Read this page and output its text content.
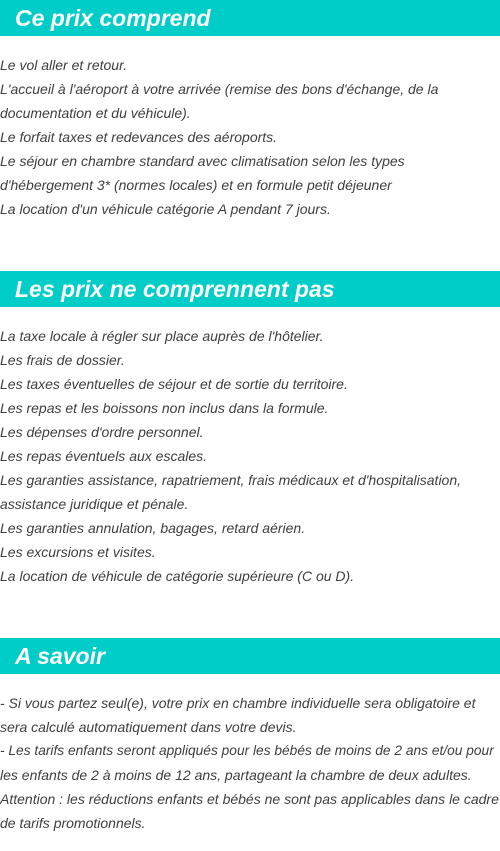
Ce prix comprend
Le vol aller et retour.
L'accueil à l'aéroport à votre arrivée (remise des bons d'échange, de la
documentation et du véhicule).
Le forfait taxes et redevances des aéroports.
Le séjour en chambre standard avec climatisation selon les types
d'hébergement 3* (normes locales) et en formule petit déjeuner
La location d'un véhicule catégorie A pendant 7 jours.
Les prix ne comprennent pas
La taxe locale à régler sur place auprès de l'hôtelier.
Les frais de dossier.
Les taxes éventuelles de séjour et de sortie du territoire.
Les repas et les boissons non inclus dans la formule.
Les dépenses d'ordre personnel.
Les repas éventuels aux escales.
Les garanties assistance, rapatriement, frais médicaux et d'hospitalisation,
assistance juridique et pénale.
Les garanties annulation, bagages, retard aérien.
Les excursions et visites.
La location de véhicule de catégorie supérieure (C ou D).
A savoir
- Si vous partez seul(e), votre prix en chambre individuelle sera obligatoire et
sera calculé automatiquement dans votre devis.
- Les tarifs enfants seront appliqués pour les bébés de moins de 2 ans et/ou pour
les enfants de 2 à moins de 12 ans, partageant la chambre de deux adultes.
Attention : les réductions enfants et bébés ne sont pas applicables dans le cadre
de tarifs promotionnels.
